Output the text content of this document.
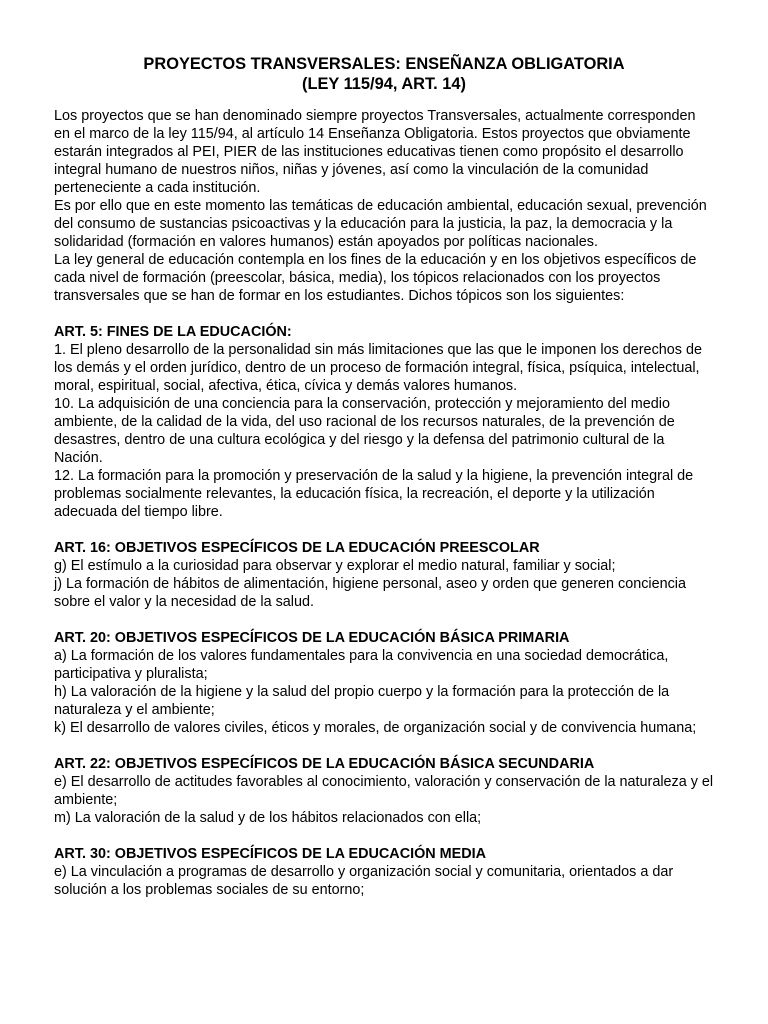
PROYECTOS TRANSVERSALES: ENSEÑANZA OBLIGATORIA
(LEY 115/94, ART. 14)

Los proyectos que se han denominado siempre proyectos Transversales, actualmente corresponden en el marco de la ley 115/94, al artículo 14 Enseñanza Obligatoria. Estos proyectos que obviamente estarán integrados al PEI, PIER de las instituciones educativas tienen como propósito el desarrollo integral humano de nuestros niños, niñas y jóvenes, así como la vinculación de la comunidad perteneciente a cada institución.

Es por ello que en este momento las temáticas de educación ambiental, educación sexual, prevención del consumo de sustancias psicoactivas y la educación para la justicia, la paz, la democracia y la solidaridad (formación en valores humanos) están apoyados por políticas nacionales.

La ley general de educación contempla en los fines de la educación y en los objetivos específicos de cada nivel de formación (preescolar, básica, media), los tópicos relacionados con los proyectos transversales que se han de formar en los estudiantes. Dichos tópicos son los siguientes:

ART. 5: FINES DE LA EDUCACIÓN:

1. El pleno desarrollo de la personalidad sin más limitaciones que las que le imponen los derechos de los demás y el orden jurídico, dentro de un proceso de formación integral, física, psíquica, intelectual, moral, espiritual, social, afectiva, ética, cívica y demás valores humanos.

10. La adquisición de una conciencia para la conservación, protección y mejoramiento del medio ambiente, de la calidad de la vida, del uso racional de los recursos naturales, de la prevención de desastres, dentro de una cultura ecológica y del riesgo y la defensa del patrimonio cultural de la Nación.

12. La formación para la promoción y preservación de la salud y la higiene, la prevención integral de problemas socialmente relevantes, la educación física, la recreación, el deporte y la utilización adecuada del tiempo libre.

ART. 16: OBJETIVOS ESPECÍFICOS DE LA EDUCACIÓN PREESCOLAR

g) El estímulo a la curiosidad para observar y explorar el medio natural, familiar y social;

j) La formación de hábitos de alimentación, higiene personal, aseo y orden que generen conciencia sobre el valor y la necesidad de la salud.

ART. 20: OBJETIVOS ESPECÍFICOS DE LA EDUCACIÓN BÁSICA PRIMARIA

a) La formación de los valores fundamentales para la convivencia en una sociedad democrática, participativa y pluralista;

h) La valoración de la higiene y la salud del propio cuerpo y la formación para la protección de la naturaleza y el ambiente;

k) El desarrollo de valores civiles, éticos y morales, de organización social y de convivencia humana;

ART. 22: OBJETIVOS ESPECÍFICOS DE LA EDUCACIÓN BÁSICA SECUNDARIA

e) El desarrollo de actitudes favorables al conocimiento, valoración y conservación de la naturaleza y el ambiente;

m) La valoración de la salud y de los hábitos relacionados con ella;

ART. 30: OBJETIVOS ESPECÍFICOS DE LA EDUCACIÓN MEDIA

e) La vinculación a programas de desarrollo y organización social y comunitaria, orientados a dar solución a los problemas sociales de su entorno;
